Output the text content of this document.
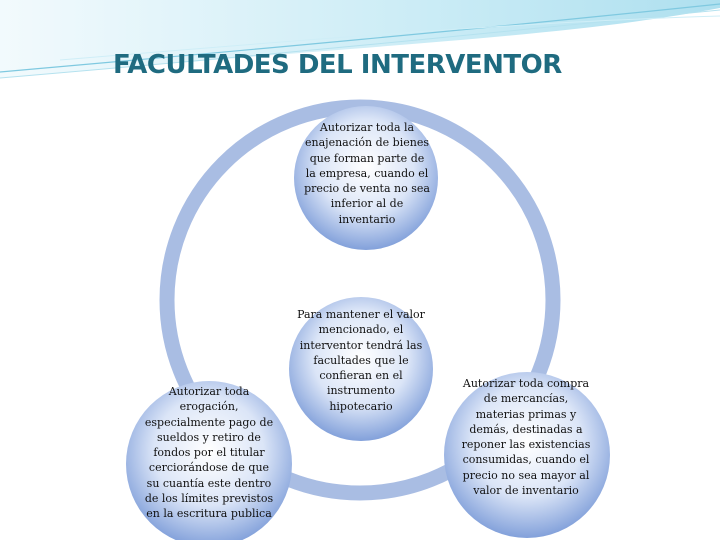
FACULTADES DEL INTERVENTOR
Autorizar toda la enajenación de bienes que forman parte de la empresa, cuando el precio de venta no sea inferior al de inventario
Para mantener el valor mencionado, el interventor tendrá las facultades que le confieran en el instrumento hipotecario
Autorizar toda erogación, especialmente pago de sueldos y retiro de fondos por el titular cerciorándose de que su cuantía este dentro de los límites previstos en la escritura publica
Autorizar toda compra de mercancías, materias primas y demás, destinadas a reponer las existencias consumidas, cuando el precio no sea mayor al valor de inventario
